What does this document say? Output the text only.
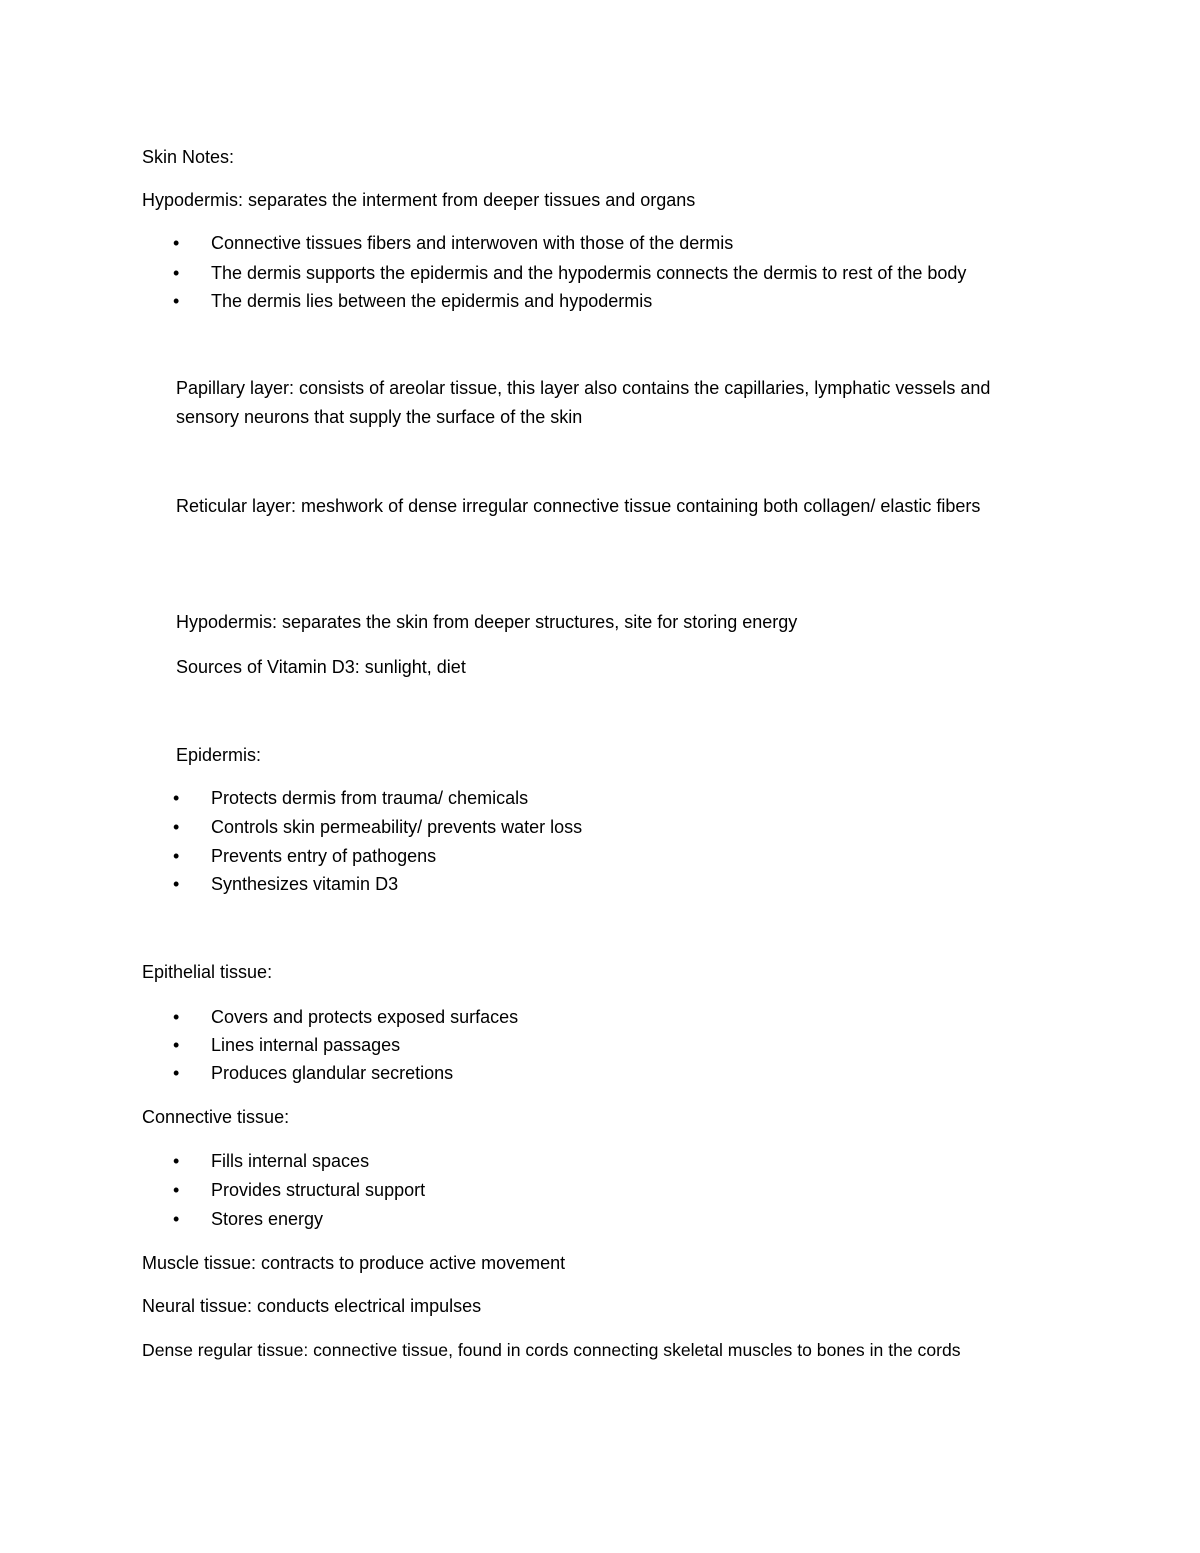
Skin Notes:
Hypodermis: separates the interment from deeper tissues and organs
• Connective tissues fibers and interwoven with those of the dermis
• The dermis supports the epidermis and the hypodermis connects the dermis to rest of the body
• The dermis lies between the epidermis and hypodermis
Papillary layer: consists of areolar tissue, this layer also contains the capillaries, lymphatic vessels and sensory neurons that supply the surface of the skin
Reticular layer: meshwork of dense irregular connective tissue containing both collagen/ elastic fibers
Hypodermis: separates the skin from deeper structures, site for storing energy
Sources of Vitamin D3: sunlight, diet
Epidermis:
• Protects dermis from trauma/ chemicals
• Controls skin permeability/ prevents water loss
• Prevents entry of pathogens
• Synthesizes vitamin D3
Epithelial tissue:
• Covers and protects exposed surfaces
• Lines internal passages
• Produces glandular secretions
Connective tissue:
• Fills internal spaces
• Provides structural support
• Stores energy
Muscle tissue: contracts to produce active movement
Neural tissue: conducts electrical impulses
Dense regular tissue: connective tissue, found in cords connecting skeletal muscles to bones in the cords
